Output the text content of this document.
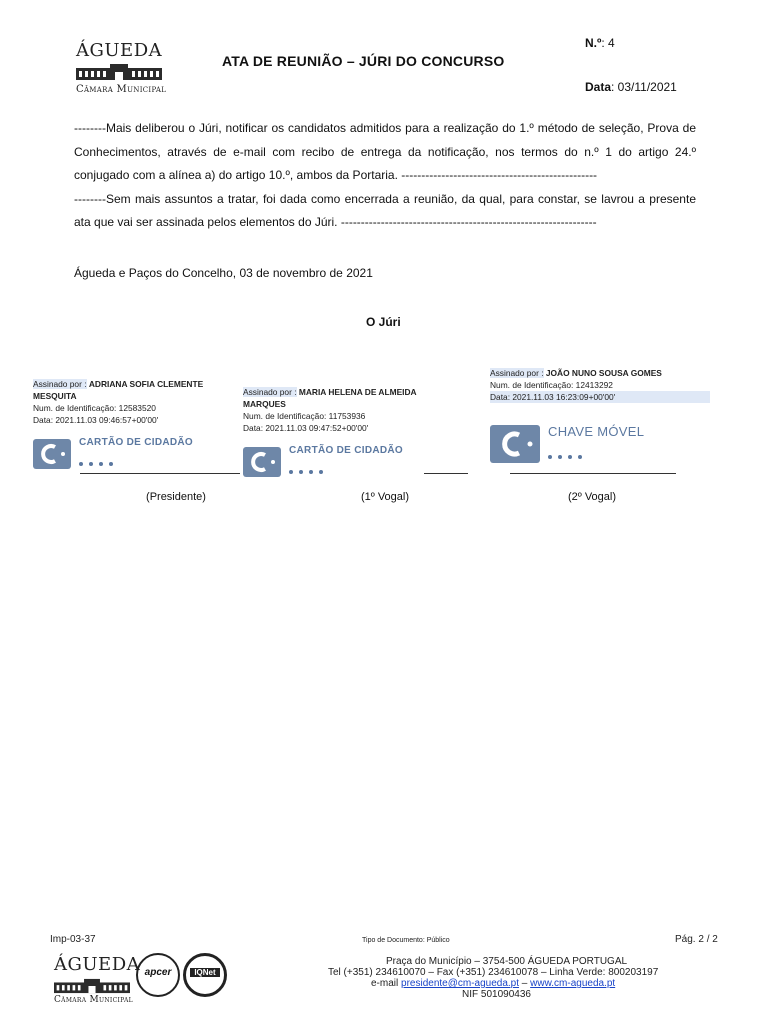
ÁGUEDA
Câmara Municipal
ATA DE REUNIÃO – JÚRI DO CONCURSO
N.º: 4
Data: 03/11/2021

--------Mais deliberou o Júri, notificar os candidatos admitidos para a realização do 1.º método de seleção, Prova de Conhecimentos, através de e-mail com recibo de entrega da notificação, nos termos do n.º 1 do artigo 24.º conjugado com a alínea a) do artigo 10.º, ambos da Portaria. -------------------------------------------------

--------Sem mais assuntos a tratar, foi dada como encerrada a reunião, da qual, para constar, se lavrou a presente ata que vai ser assinada pelos elementos do Júri. ----------------------------------------------------------------

Águeda e Paços do Concelho, 03 de novembro de 2021
O Júri
Assinado por : ADRIANA SOFIA CLEMENTE MESQUITA
Num. de Identificação: 12583520
Data: 2021.11.03 09:46:57+00'00'
CARTÃO DE CIDADÃO
(Presidente)
Assinado por : MARIA HELENA DE ALMEIDA MARQUES
Num. de Identificação: 11753936
Data: 2021.11.03 09:47:52+00'00'
CARTÃO DE CIDADÃO
(1º Vogal)
Assinado por : JOÃO NUNO SOUSA GOMES
Num. de Identificação: 12413292
Data: 2021.11.03 16:23:09+00'00'
CHAVE MÓVEL
(2º Vogal)
Imp-03-37	Tipo de Documento: Público	Pág. 2 / 2
ÁGUEDA
Câmara Municipal
apcer	IQNet
Praça do Município – 3754-500 ÁGUEDA PORTUGAL
Tel (+351) 234610070 – Fax (+351) 234610078 – Linha Verde: 800203197
e-mail presidente@cm-agueda.pt – www.cm-agueda.pt
NIF 501090436
